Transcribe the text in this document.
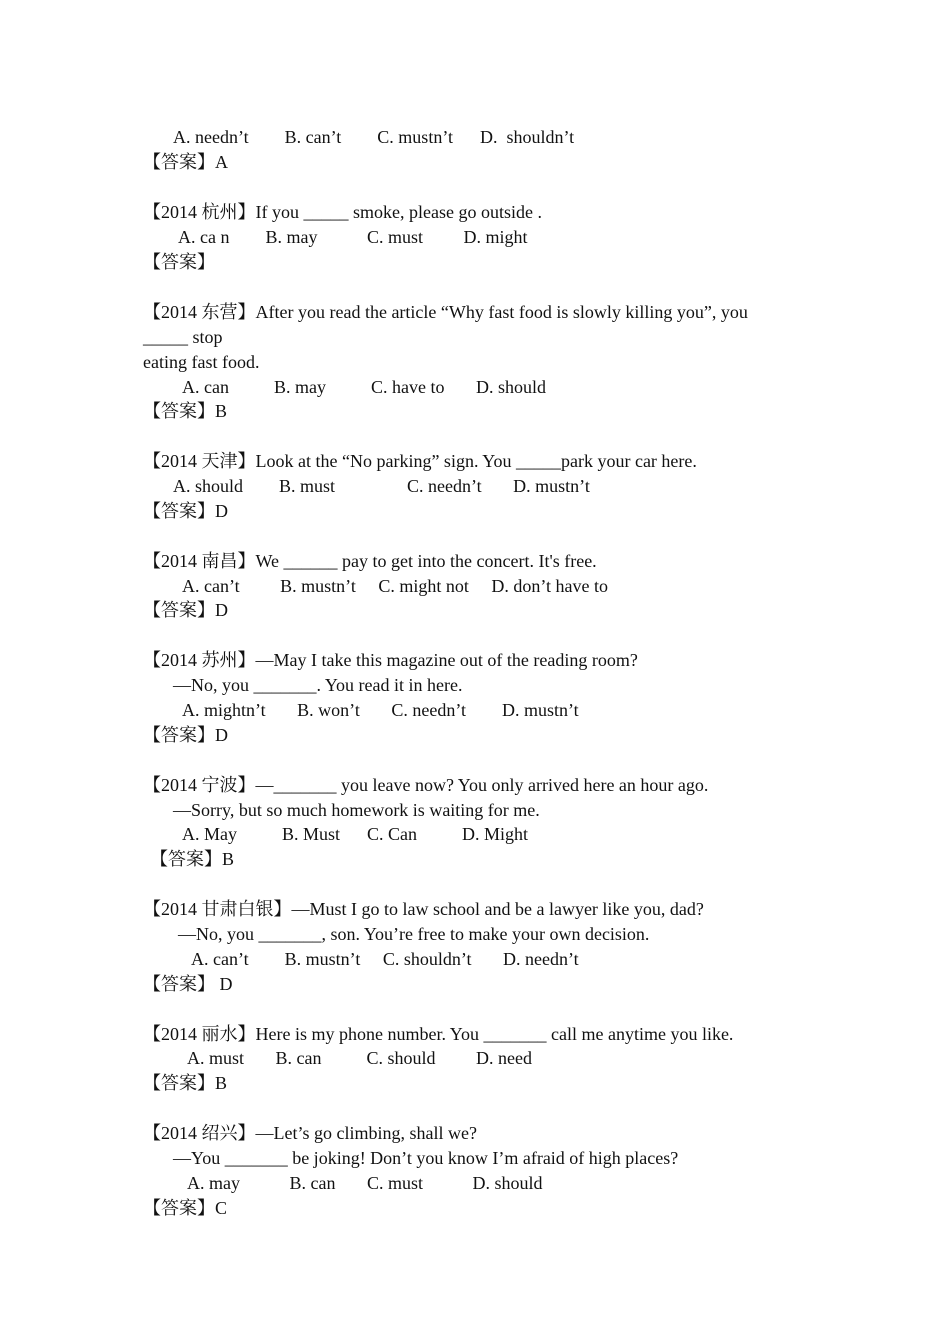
A. needn’t        B. can’t        C. mustn’t      D.  shouldn’t
【答案】A
【2014 杭州】If you _____ smoke, please go outside .
A. ca n        B. may           C. must         D. might
【答案】
【2014 东营】After you read the article “Why fast food is slowly killing you”, you
_____ stop
eating fast food.
A. can          B. may          C. have to       D. should
【答案】B
【2014 天津】Look at the “No parking” sign. You _____park your car here.
A. should        B. must                C. needn’t       D. mustn’t
【答案】D
【2014 南昌】We ______ pay to get into the concert. It's free.
A. can’t         B. mustn’t     C. might not     D. don’t have to
【答案】D
【2014 苏州】—May I take this magazine out of the reading room?
—No, you _______. You read it in here.
A. mightn’t       B. won’t       C. needn’t        D. mustn’t
【答案】D
【2014 宁波】—_______ you leave now? You only arrived here an hour ago.
—Sorry, but so much homework is waiting for me.
A. May          B. Must      C. Can          D. Might
【答案】B
【2014 甘肃白银】—Must I go to law school and be a lawyer like you, dad?
—No, you _______, son. You’re free to make your own decision.
A. can’t        B. mustn’t     C. shouldn’t       D. needn’t
【答案】 D
【2014 丽水】Here is my phone number. You _______ call me anytime you like.
A. must       B. can          C. should         D. need
【答案】B
【2014 绍兴】—Let’s go climbing, shall we?
—You _______ be joking! Don’t you know I’m afraid of high places?
A. may           B. can       C. must           D. should
【答案】C
